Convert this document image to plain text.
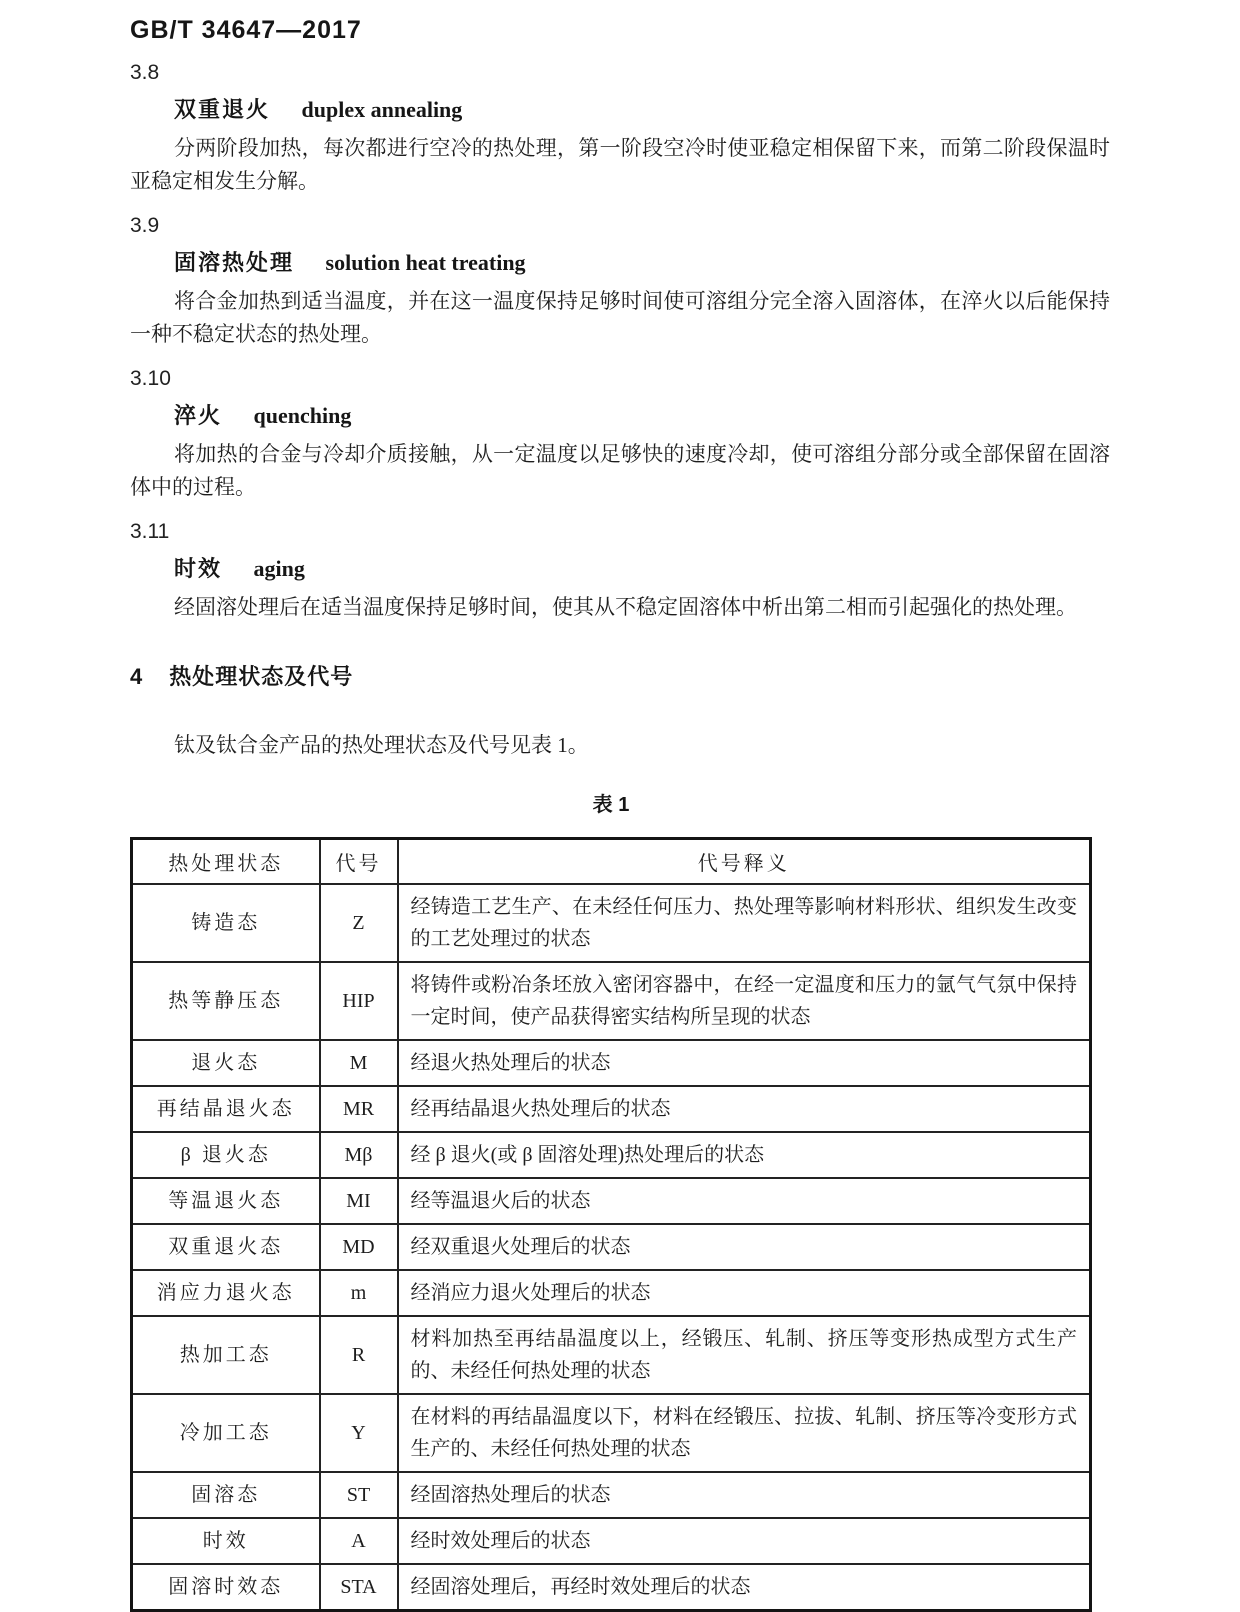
GB/T 34647—2017
3.8
双重退火 duplex annealing

分两阶段加热，每次都进行空冷的热处理，第一阶段空冷时使亚稳定相保留下来，而第二阶段保温时亚稳定相发生分解。

3.9
固溶热处理 solution heat treating

将合金加热到适当温度，并在这一温度保持足够时间使可溶组分完全溶入固溶体，在淬火以后能保持一种不稳定状态的热处理。

3.10
淬火 quenching

将加热的合金与冷却介质接触，从一定温度以足够快的速度冷却，使可溶组分部分或全部保留在固溶体中的过程。

3.11
时效 aging

经固溶处理后在适当温度保持足够时间，使其从不稳定固溶体中析出第二相而引起强化的热处理。

4 热处理状态及代号

钛及钛合金产品的热处理状态及代号见表 1。

表 1
热处理状态	代号	代号释义
铸造态	Z	经铸造工艺生产、在未经任何压力、热处理等影响材料形状、组织发生改变的工艺处理过的状态
热等静压态	HIP	将铸件或粉冶条坯放入密闭容器中，在经一定温度和压力的氩气气氛中保持一定时间，使产品获得密实结构所呈现的状态
退火态	M	经退火热处理后的状态
再结晶退火态	MR	经再结晶退火热处理后的状态
β 退火态	Mβ	经 β 退火(或 β 固溶处理)热处理后的状态
等温退火态	MI	经等温退火后的状态
双重退火态	MD	经双重退火处理后的状态
消应力退火态	m	经消应力退火处理后的状态
热加工态	R	材料加热至再结晶温度以上，经锻压、轧制、挤压等变形热成型方式生产的、未经任何热处理的状态
冷加工态	Y	在材料的再结晶温度以下，材料在经锻压、拉拔、轧制、挤压等冷变形方式生产的、未经任何热处理的状态
固溶态	ST	经固溶热处理后的状态
时效	A	经时效处理后的状态
固溶时效态	STA	经固溶处理后，再经时效处理后的状态
